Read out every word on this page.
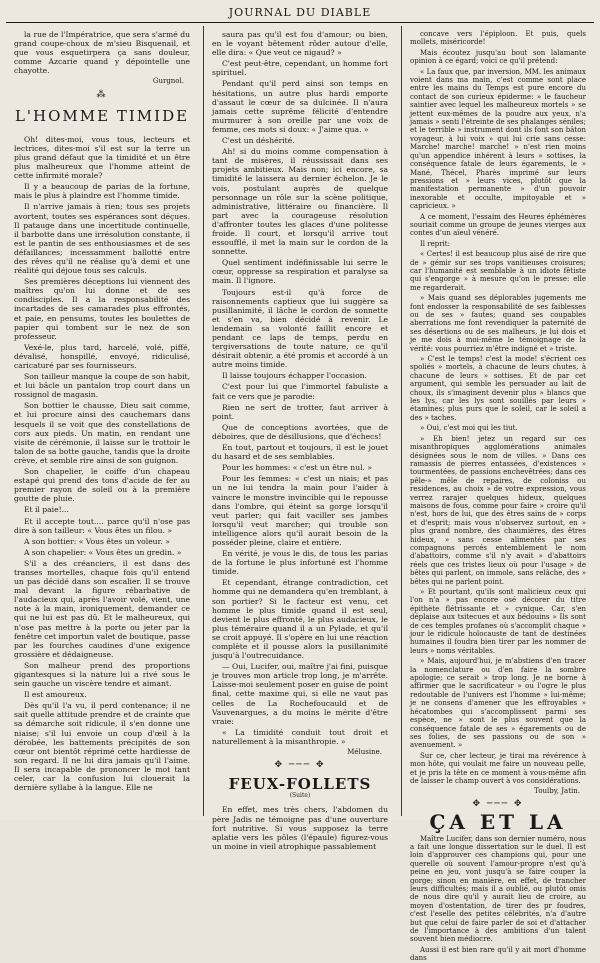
JOURNAL DU DIABLE

la rue de l'Impératrice, que sera s'armé du grand coupe-choux de m'sieu Bisquenail, et que vous esquetirpera ça sans douleur, comme Azcarie quand y dépointelle une chayotte.

Gurgnol.
⁂
L'HOMME TIMIDE

Oh! dites-moi, vous tous, lecteurs et lectrices, dites-moi s'il est sur la terre un plus grand défaut que la timidité et un être plus malheureux que l'homme atteint de cette infirmité morale?

Il y a beaucoup de parias de la fortune, mais le plus à plaindre est l'homme timide.

Il n'arrive jamais à rien; tous ses projets avortent, toutes ses espérances sont déçues. Il patauge dans une incertitude continuelle, il barbotte dans une irrésolution constante, il est le pantin de ses enthousiasmes et de ses défaillances; incessamment ballotté entre des rêves qu'il ne réalise qu'à demi et une réalité qui déjoue tous ses calculs.

Ses premières déceptions lui viennent des maîtres qu'on lui donne et de ses condisciples. Il a la responsabilité des incartades de ses camarades plus effrontés, et paie, en pensums, toutes les boulettes de papier qui tombent sur le nez de son professeur.

Vexé-le, plus tard, harcelé, volé, piffé, dévalisé, honspillé, envoyé, ridiculisé, caricaturé par ses fournisseurs.

Son tailleur manque la coupe de son habit, et lui bâcle un pantalon trop court dans un rossignol de magasin.

Son bottier le chausse, Dieu sait comme, et lui procure ainsi des cauchemars dans lesquels il se voit que des constellations de cors aux pieds. Un matin, en rendant une visite de cérémonie, il laisse sur le trottoir le talon de sa botte gauche, tandis que la droite crève, et semble rire ainsi de son guignon.

Son chapelier, le coiffe d'un chapeau estapé qui prend des tons d'acide de fer au premier rayon de soleil ou à la première goutte de pluie.

Et il paie!...

Et il accepte tout.... parce qu'il n'ose pas dire à son tailleur: « Vous êtes un filou. »

A son bottier: « Vous êtes un voleur. »

A son chapelier: « Vous êtes un gredin. »

S'il a des créanciers, il est dans des transes mortelles, chaque fois qu'il entend un pas décidé dans son escalier. Il se trouve mal devant la figure rébarbative de l'audacieux qui, après l'avoir volé, vient, une note à la main, ironiquement, demander ce qui ne lui est pas dû. Et le malheureux, qui n'ose pas mettre à la porte ou jeter par la fenêtre cet importun valet de boutique, passe par les fourches caudines d'une exigence grossière et dédaigneuse.

Son malheur prend des proportions gigantesques si la nature lui a rivé sous le sein gauche un viscère tendre et aimant.

Il est amoureux.

Dès qu'il l'a vu, il perd contenance; il ne sait quelle attitude prendre et de crainte que sa démarche soit ridicule, il s'en donne une niaise; s'il lui envoie un coup d'œil à la dérobée, les battements précipités de son cœur ont bientôt réprimé cette hardiesse de son regard. Il ne lui dira jamais qu'il l'aime. Il sera incapable de prononcer le mot tant celer, car la confusion lui clouerait la dernière syllabe à la langue. Elle ne

saura pas qu'il est fou d'amour; ou bien, en le voyant bêtement rôder autour d'elle, elle dira: « Que veut ce nigaud? »

C'est peut-être, cependant, un homme fort spirituel.

Pendant qu'il perd ainsi son temps en hésitations, un autre plus hardi emporte d'assaut le cœur de sa dulcinée. Il n'aura jamais cette suprême félicité d'entendre murmurer à son oreille par une voix de femme, ces mots si doux: « J'aime qua. »

C'est un déshérité.

Ah! si du moins comme compensation à tant de misères, il réussissait dans ses projets ambitieux. Mais non; ici encore, sa timidité le laissera au dernier échelon. Je le vois, postulant auprès de quelque personnage un rôle sur la scène politique, administrative, littéraire ou financière. Il part avec la courageuse résolution d'affronter toutes les glaces d'une politesse froide. Il court, et lorsqu'il arrive tout essoufflé, il met la main sur le cordon de la sonnette.

Quel sentiment indéfinissable lui serre le cœur, oppresse sa respiration et paralyse sa main. Il l'ignore.

Toujours est-il qu'à force de raisonnements captieux que lui suggère sa pusillanimité, il lâche le cordon de sonnette et s'en va, bien décidé à revenir. Le lendemain sa volonté faillit encore et pendant ce laps de temps, perdu en tergiversations de toute nature, ce qu'il désirait obtenir, a été promis et accordé à un autre moins timide.

Il laisse toujours échapper l'occasion.

C'est pour lui que l'immortel fabuliste a fait ce vers que je parodie:

Rien ne sert de trotter, faut arriver à point.

Que de conceptions avortées, que de déboires, que de désillusions, que d'échecs!

En tout, partout et toujours, il est le jouet du hasard et de ses semblables.

Pour les hommes: « c'est un être nul. »

Pour les femmes: « c'est un niais; et pas un ne lui tendra la main pour l'aider à vaincre le monstre invincible qui le repousse dans l'ombre, qui éteint sa gorge lorsqu'il veut parler; qui fait vaciller ses jambes lorsqu'il veut marcher; qui trouble son intelligence alors qu'il aurait besoin de la posséder pleine, claire et entière.

En vérité, je vous le dis, de tous les parias de la fortune le plus infortuné est l'homme timide.

Et cependant, étrange contradiction, cet homme qui ne demandera qu'en tremblant, à son portier? Si le facteur est venu, cet homme le plus timide quand il est seul, devient le plus effronté, le plus audacieux, le plus téméraire quand il a un Pylade, et qu'il se croit appuyé. Il s'opère en lui une réaction complète et il pousse alors la pusillanimité jusqu'à l'outrecuidance.

— Oui, Lucifer, oui, maître j'ai fini, puisque je trouves mon article trop long, je m'arrête. Laisse-moi seulement poser en guise de point final, cette maxime qui, si elle ne vaut pas celles de La Rochefoucauld et de Vauvenargues, a du moins le mérite d'être vraie:

« La timidité conduit tout droit et naturellement à la misanthropie. »

Mélusine.
✥ ─── ✥
FEUX-FOLLETS
(Suite)

En effet, mes très chers, l'abdomen du père Jadis ne témoigne pas d'une ouverture fort nutritive. Si vous supposez la terre aplatie vers les pôles (l'épaule) figurez-vous un moine in vieil atrophique passablement

concave vers l'épiploon. Et puis, quels mollets, miséricorde!

Mais écoutez jusqu'au bout son lalamante opinion à ce égard; voici ce qu'il prétend:

« La faux que, par inversion, MM. les animaux voient dans ma main, c'est comme sont place entre les mains du Temps est pure encore du contact de son curieux épiderme: » le faucheur saintier avec lequel les malheureux mortels » se jettent eux-mêmes de la poudre aux yeux, n'a jamais » senti l'étreinte de ses phalanges séniles; et le terrible » instrument dont ils font son bâton voyageur, à lui voix » qui lui crie sans cesse: Marche! marche! marche! » n'est rien moins qu'un appendice inhérent à leurs » sottises, la conséquence fatale de leurs égarements, le » Mané, Thécel, Pharès imprimé sur leurs pressions et » leurs vices, plutôt que la manifestation permanente » d'un pouvoir inexorable et occulte, impitoyable et » capricieux. »

A ce moment, l'essaim des Heures éphémères souriait comme un groupe de jeunes vierges aux contes d'un aïeul vénéré.

Il reprit:

« Certes! il est beaucoup plus aisé de rire que de » gémir sur ses trops vanitieuses croisures; car l'humanité est semblable à un idiote fêtiste qui s'engorge » à mesure qu'on le presse: elle me regarderait.

» Mais quand ses déplorables jugements me font endosser la responsabilité de ses faiblesses ou de ses » fautes; quand ses coupables aberrations me font revendiquer la paternité de ses désertions ou de ses malheurs, je lui dois et je me dois à moi-même le témoignage de la vérité: vous pourriez m'être indigné et » triste.

» C'est le temps! c'est la mode! s'écrient ces spoliés » mortels, à chacune de leurs chutes, à chacune de leurs » sottises. Et de par cet argument, qui semble les persuader au lait de choux, ils s'imaginent devenir plus » blancs que les lys, car les lys sont souillés par leurs » étamines; plus purs que le soleil, car le soleil a des » taches.

» Oui, c'est moi qui les tiut.

» Eh bien! jetez un regard sur ces misanthropiques agglomérations animales désignées sous le nom de villes. » Dans ces ramassis de pierres entassées, d'existences » tourmentées, de passions enchevêtrées; dans ces pêle-» mêle de repaires, de coloniss ou residences, au choix » de votre expression, vous verrez rarajer quelques hideux, quelques maisons de fous, comme pour faire » croire qu'il n'est, hors de lui, que des êtres sains de » corps et d'esprit; mais vous n'observez surtout, en » plus grand nombre, des chaumières, des êtres hideux, » sans cesse alimentés par ses compagnons percés entemblement le nom d'abattoirs, comme s'il n'y avait » d'abattoirs réels que ces tristes lieux où pour l'usage » de bêtes qui parlent, on immole, sans relâche, des » bêtes qui ne parlent point.

» Et pourtant, qu'ils sont malicieux ceux qui l'on n'a » pas encore osé décorer du titre épithète flétrissante et » cynique. Car, s'en déplaise aux tsitecues et aux bédouins » Ils sont de ces temples profanes où s'accomplit chaque » jour le ridicule holocauste de tant de destinées humaines il foudra bien tirer par les nommer de leurs » noms véritables.

» Mais, aujourd'hui, je m'abstiens d'en tracer la nomenclature ou d'en faire la sombre apologie; ce serait » trop long. Je ne borne à affirmer que le sacrificateur » ou l'ogre le plus redoutable de l'univers est l'homme » lui-même; je ne consens d'amener que les effroyables » hécatombes qui s'accomplissent parmi ses espèce, ne » sont le plus souvent que la conséquence fatale de ses » égarements ou de ses folies, de ses passions ou de son » avenuement. »

Sur ce, cher lecteur, je tirai ma révérence à mon hôte, qui voulait me faire un nouveau pelle, et je pris la tête en ce moment à vous-même afin de laisser le champ ouvert à vos considérations.

Toulby, Jatin.
✥ ─── ✥
ÇA ET LA

Maître Lucifer, dans son dernier numéro, nous a fait une longue dissertation sur le duel. Il est loin d'approuver ces champions qui, pour une querelle où souvent l'amour-propre n'est qu'à peine en jeu, vont jusqu'à se faire couper la gorge; sinon en manière, en effet, de trancher leurs difficultés; mais il a oublié, ou plutôt omis de nous dire qu'il y aurait lieu de croire, au moyen d'ostentation, de tirer des pr foudres, c'est l'eselle des petites célébrités, n'a d'autre but que celui de faire parler de soi et d'attacher de l'importance à des ambitions d'un talent souvent bien médiocre.

Aussi il est bien rare qu'il y ait mort d'homme dans
